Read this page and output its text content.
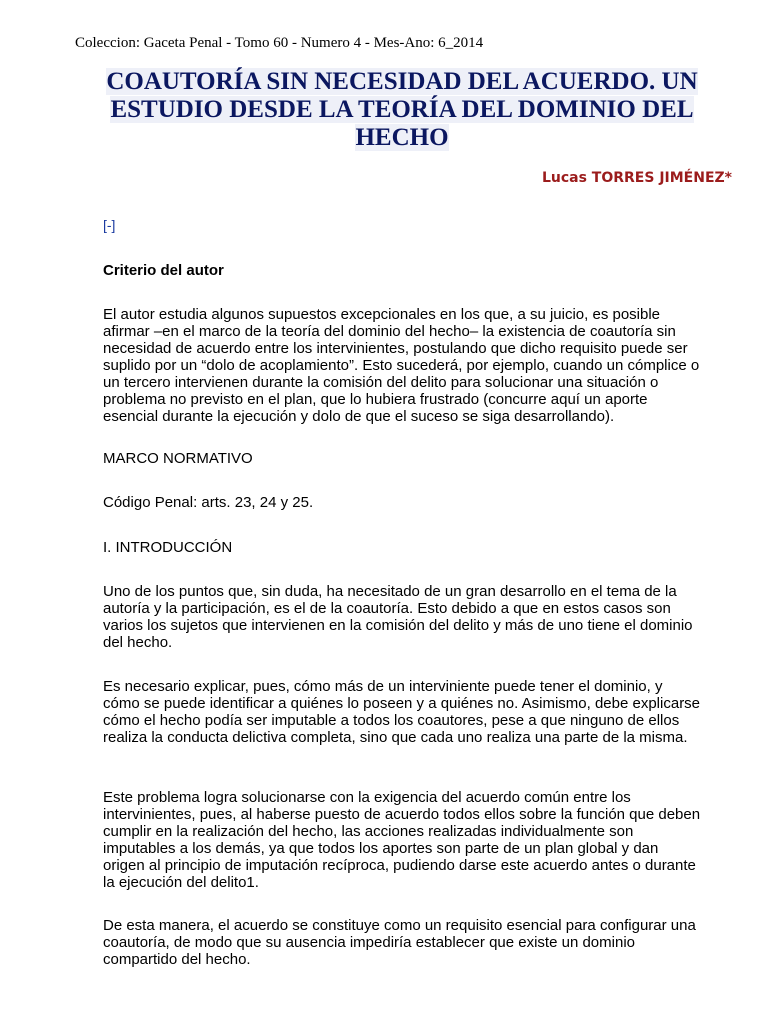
Coleccion: Gaceta Penal - Tomo 60 - Numero 4 - Mes-Ano: 6_2014
COAUTORÍA SIN NECESIDAD DEL ACUERDO. UN
ESTUDIO DESDE LA TEORÍA DEL DOMINIO DEL
HECHO
Lucas TORRES JIMÉNEZ*
[-]

Criterio del autor

El autor estudia algunos supuestos excepcionales en los que, a su juicio, es posible afirmar –en el marco de la teoría del dominio del hecho– la existencia de coautoría sin necesidad de acuerdo entre los intervinientes, postulando que dicho requisito puede ser suplido por un “dolo de acoplamiento”. Esto sucederá, por ejemplo, cuando un cómplice o un tercero intervienen durante la comisión del delito para solucionar una situación o problema no previsto en el plan, que lo hubiera frustrado (concurre aquí un aporte esencial durante la ejecución y dolo de que el suceso se siga desarrollando).

MARCO NORMATIVO

Código Penal: arts. 23, 24 y 25.

I. INTRODUCCIÓN

Uno de los puntos que, sin duda, ha necesitado de un gran desarrollo en el tema de la autoría y la participación, es el de la coautoría. Esto debido a que en estos casos son varios los sujetos que intervienen en la comisión del delito y más de uno tiene el dominio del hecho.

Es necesario explicar, pues, cómo más de un interviniente puede tener el dominio, y cómo se puede identificar a quiénes lo poseen y a quiénes no. Asimismo, debe explicarse cómo el hecho podía ser imputable a todos los coautores, pese a que ninguno de ellos realiza la conducta delictiva completa, sino que cada uno realiza una parte de la misma.

Este problema logra solucionarse con la exigencia del acuerdo común entre los intervinientes, pues, al haberse puesto de acuerdo todos ellos sobre la función que deben cumplir en la realización del hecho, las acciones realizadas individualmente son imputables a los demás, ya que todos los aportes son parte de un plan global y dan origen al principio de imputación recíproca, pudiendo darse este acuerdo antes o durante la ejecución del delito1.

De esta manera, el acuerdo se constituye como un requisito esencial para configurar una coautoría, de modo que su ausencia impediría establecer que existe un dominio compartido del hecho.
